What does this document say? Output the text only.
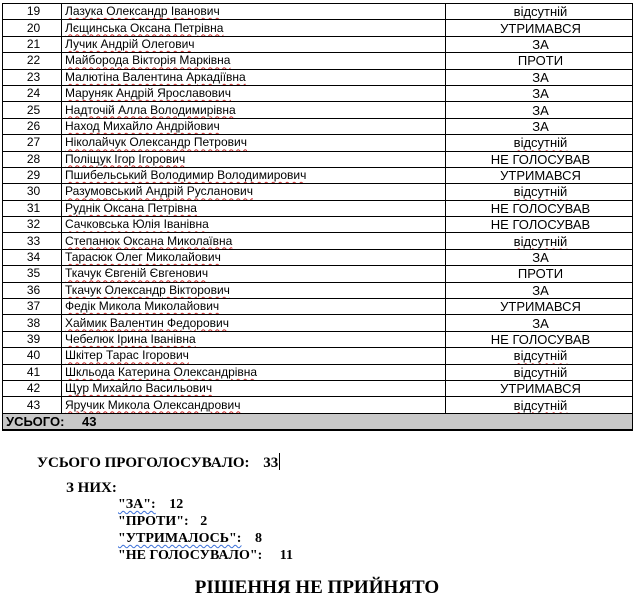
19	Лазука Олександр Іванович	відсутній
20	Лєщинська Оксана Петрівна	УТРИМАВСЯ
21	Лучик Андрій Олегович	ЗА
22	Майборода Вікторія Марківна	ПРОТИ
23	Малютіна Валентина Аркадіївна	ЗА
24	Маруняк Андрій Ярославович	ЗА
25	Надточій Алла Володимирівна	ЗА
26	Наход Михайло Андрійович	ЗА
27	Ніколайчук Олександр Петрович	відсутній
28	Поліщук Ігор Ігорович	НЕ ГОЛОСУВАВ
29	Пшибельський Володимир Володимирович	УТРИМАВСЯ
30	Разумовський Андрій Русланович	відсутній
31	Руднік Оксана Петрівна	НЕ ГОЛОСУВАВ
32	Сачковська Юлія Іванівна	НЕ ГОЛОСУВАВ
33	Степанюк Оксана Миколаївна	відсутній
34	Тарасюк Олег Миколайович	ЗА
35	Ткачук Євгеній Євгенович	ПРОТИ
36	Ткачук Олександр Вікторович	ЗА
37	Федік Микола Миколайович	УТРИМАВСЯ
38	Хаймик Валентин Федорович	ЗА
39	Чебелюк Ірина Іванівна	НЕ ГОЛОСУВАВ
40	Шкітер Тарас Ігорович	відсутній
41	Шкльода Катерина Олександрівна	відсутній
42	Щур Михайло Васильович	УТРИМАВСЯ
43	Яручик Микола Олександрович	відсутній
УСЬОГО: 43		
УСЬОГО ПРОГОЛОСУВАЛО: 33
З НИХ:
"ЗА": 12
"ПРОТИ": 2
"УТРИМАЛОСЬ": 8
"НЕ ГОЛОСУВАЛО": 11
РІШЕННЯ НЕ ПРИЙНЯТО
